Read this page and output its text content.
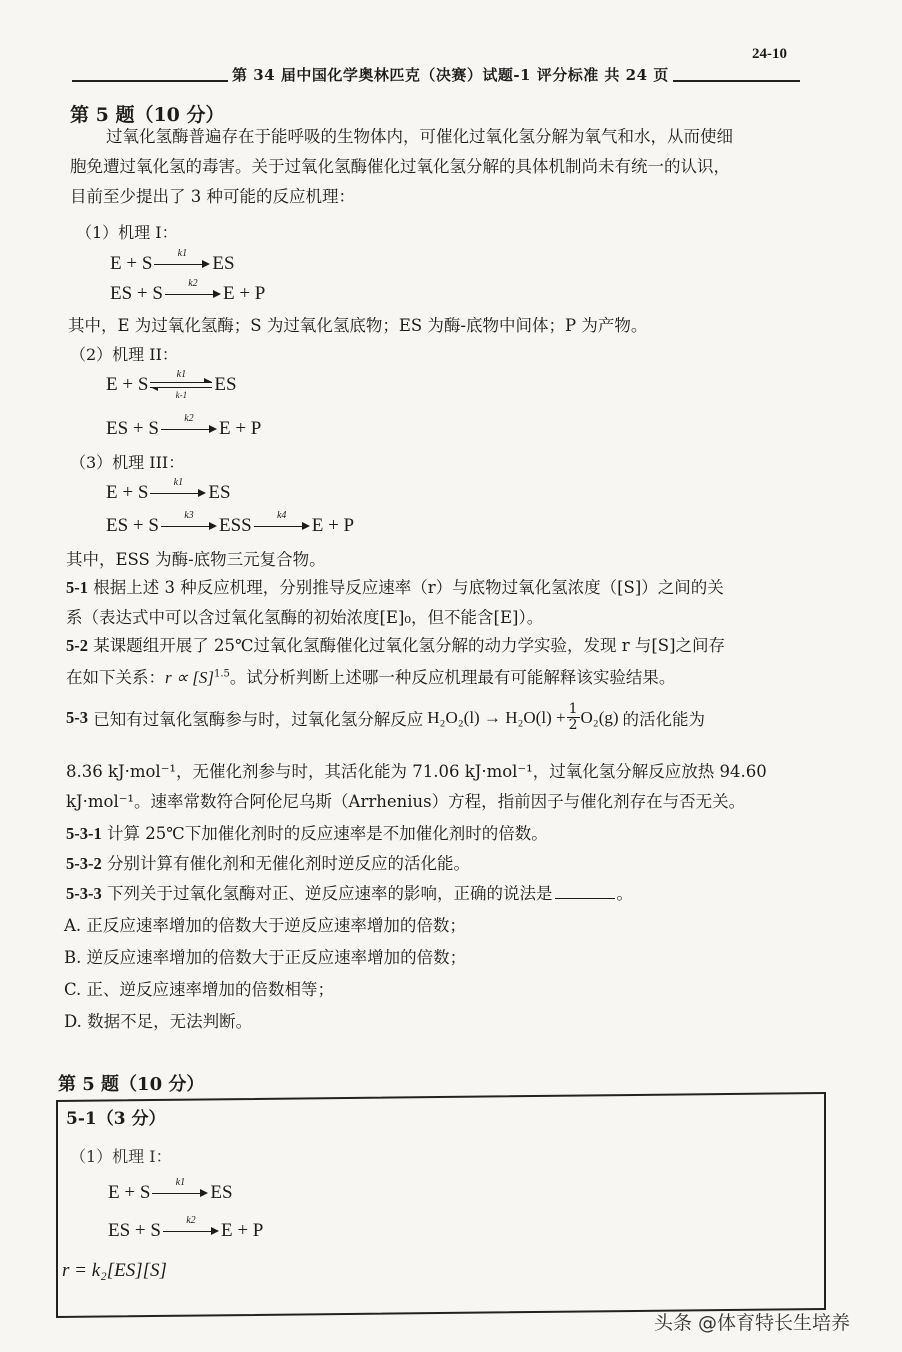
24-10
第 34 届中国化学奥林匹克（决赛）试题-1 评分标准 共 24 页
第 5 题（10 分）
过氧化氢酶普遍存在于能呼吸的生物体内，可催化过氧化氢分解为氧气和水，从而使细
胞免遭过氧化氢的毒害。关于过氧化氢酶催化过氧化氢分解的具体机制尚未有统一的认识，
目前至少提出了 3 种可能的反应机理：
（1）机理 I：
E + S	k1	ES
ES + S	k2	E + P
其中，E 为过氧化氢酶；S 为过氧化氢底物；ES 为酶-底物中间体；P 为产物。
（2）机理 II：
E + S	k1
k-1	ES
ES + S	k2	E + P
（3）机理 III：
E + S	k1	ES
ES + S	k3	ESS	k4	E + P
其中，ESS 为酶-底物三元复合物。
5-1 根据上述 3 种反应机理，分别推导反应速率（r）与底物过氧化氢浓度（[S]）之间的关
系（表达式中可以含过氧化氢酶的初始浓度[E]₀，但不能含[E]）。
5-2 某课题组开展了 25℃过氧化氢酶催化过氧化氢分解的动力学实验，发现 r 与[S]之间存
在如下关系：$r \propto [S]^{1.5}$。试分析判断上述哪一种反应机理最有可能解释该实验结果。
5-3
已知有过氧化氢酶参与时，过氧化氢分解反应 $H_2O_2(l) \to H_2O(l) + \frac{1}{2} O_2(g)$ 的活化能为
8.36 kJ·mol⁻¹，无催化剂参与时，其活化能为 71.06 kJ·mol⁻¹，过氧化氢分解反应放热 94.60
kJ·mol⁻¹。速率常数符合阿伦尼乌斯（Arrhenius）方程，指前因子与催化剂存在与否无关。
5-3-1 计算 25℃下加催化剂时的反应速率是不加催化剂时的倍数。
5-3-2 分别计算有催化剂和无催化剂时逆反应的活化能。
5-3-3 下列关于过氧化氢酶对正、逆反应速率的影响，正确的说法是	。
A. 正反应速率增加的倍数大于逆反应速率增加的倍数；
B. 逆反应速率增加的倍数大于正反应速率增加的倍数；
C. 正、逆反应速率增加的倍数相等；
D. 数据不足，无法判断。
第 5 题（10 分）
5-1（3 分）
（1）机理 I：
E + S	k1	ES
ES + S	k2	E + P
r = k₂[ES][S]
头条 @体育特长生培养
